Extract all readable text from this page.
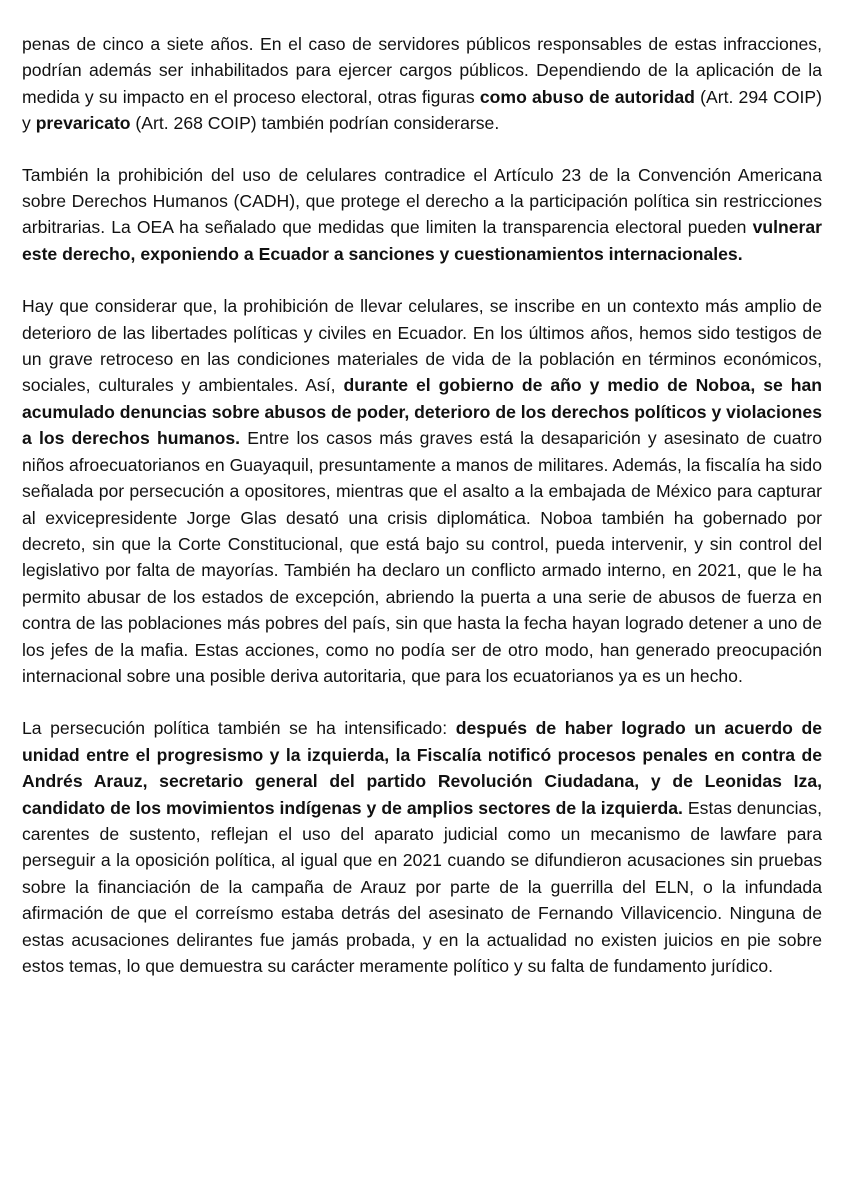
penas de cinco a siete años. En el caso de servidores públicos responsables de estas infracciones, podrían además ser inhabilitados para ejercer cargos públicos. Dependiendo de la aplicación de la medida y su impacto en el proceso electoral, otras figuras como abuso de autoridad (Art. 294 COIP) y prevaricato (Art. 268 COIP) también podrían considerarse.

También la prohibición del uso de celulares contradice el Artículo 23 de la Convención Americana sobre Derechos Humanos (CADH), que protege el derecho a la participación política sin restricciones arbitrarias. La OEA ha señalado que medidas que limiten la transparencia electoral pueden vulnerar este derecho, exponiendo a Ecuador a sanciones y cuestionamientos internacionales.

Hay que considerar que, la prohibición de llevar celulares, se inscribe en un contexto más amplio de deterioro de las libertades políticas y civiles en Ecuador. En los últimos años, hemos sido testigos de un grave retroceso en las condiciones materiales de vida de la población en términos económicos, sociales, culturales y ambientales. Así, durante el gobierno de año y medio de Noboa, se han acumulado denuncias sobre abusos de poder, deterioro de los derechos políticos y violaciones a los derechos humanos. Entre los casos más graves está la desaparición y asesinato de cuatro niños afroecuatorianos en Guayaquil, presuntamente a manos de militares. Además, la fiscalía ha sido señalada por persecución a opositores, mientras que el asalto a la embajada de México para capturar al exvicepresidente Jorge Glas desató una crisis diplomática. Noboa también ha gobernado por decreto, sin que la Corte Constitucional, que está bajo su control, pueda intervenir, y sin control del legislativo por falta de mayorías. También ha declaro un conflicto armado interno, en 2021, que le ha permito abusar de los estados de excepción, abriendo la puerta a una serie de abusos de fuerza en contra de las poblaciones más pobres del país, sin que hasta la fecha hayan logrado detener a uno de los jefes de la mafia. Estas acciones, como no podía ser de otro modo, han generado preocupación internacional sobre una posible deriva autoritaria, que para los ecuatorianos ya es un hecho.

La persecución política también se ha intensificado: después de haber logrado un acuerdo de unidad entre el progresismo y la izquierda, la Fiscalía notificó procesos penales en contra de Andrés Arauz, secretario general del partido Revolución Ciudadana, y de Leonidas Iza, candidato de los movimientos indígenas y de amplios sectores de la izquierda. Estas denuncias, carentes de sustento, reflejan el uso del aparato judicial como un mecanismo de lawfare para perseguir a la oposición política, al igual que en 2021 cuando se difundieron acusaciones sin pruebas sobre la financiación de la campaña de Arauz por parte de la guerrilla del ELN, o la infundada afirmación de que el correísmo estaba detrás del asesinato de Fernando Villavicencio. Ninguna de estas acusaciones delirantes fue jamás probada, y en la actualidad no existen juicios en pie sobre estos temas, lo que demuestra su carácter meramente político y su falta de fundamento jurídico.
